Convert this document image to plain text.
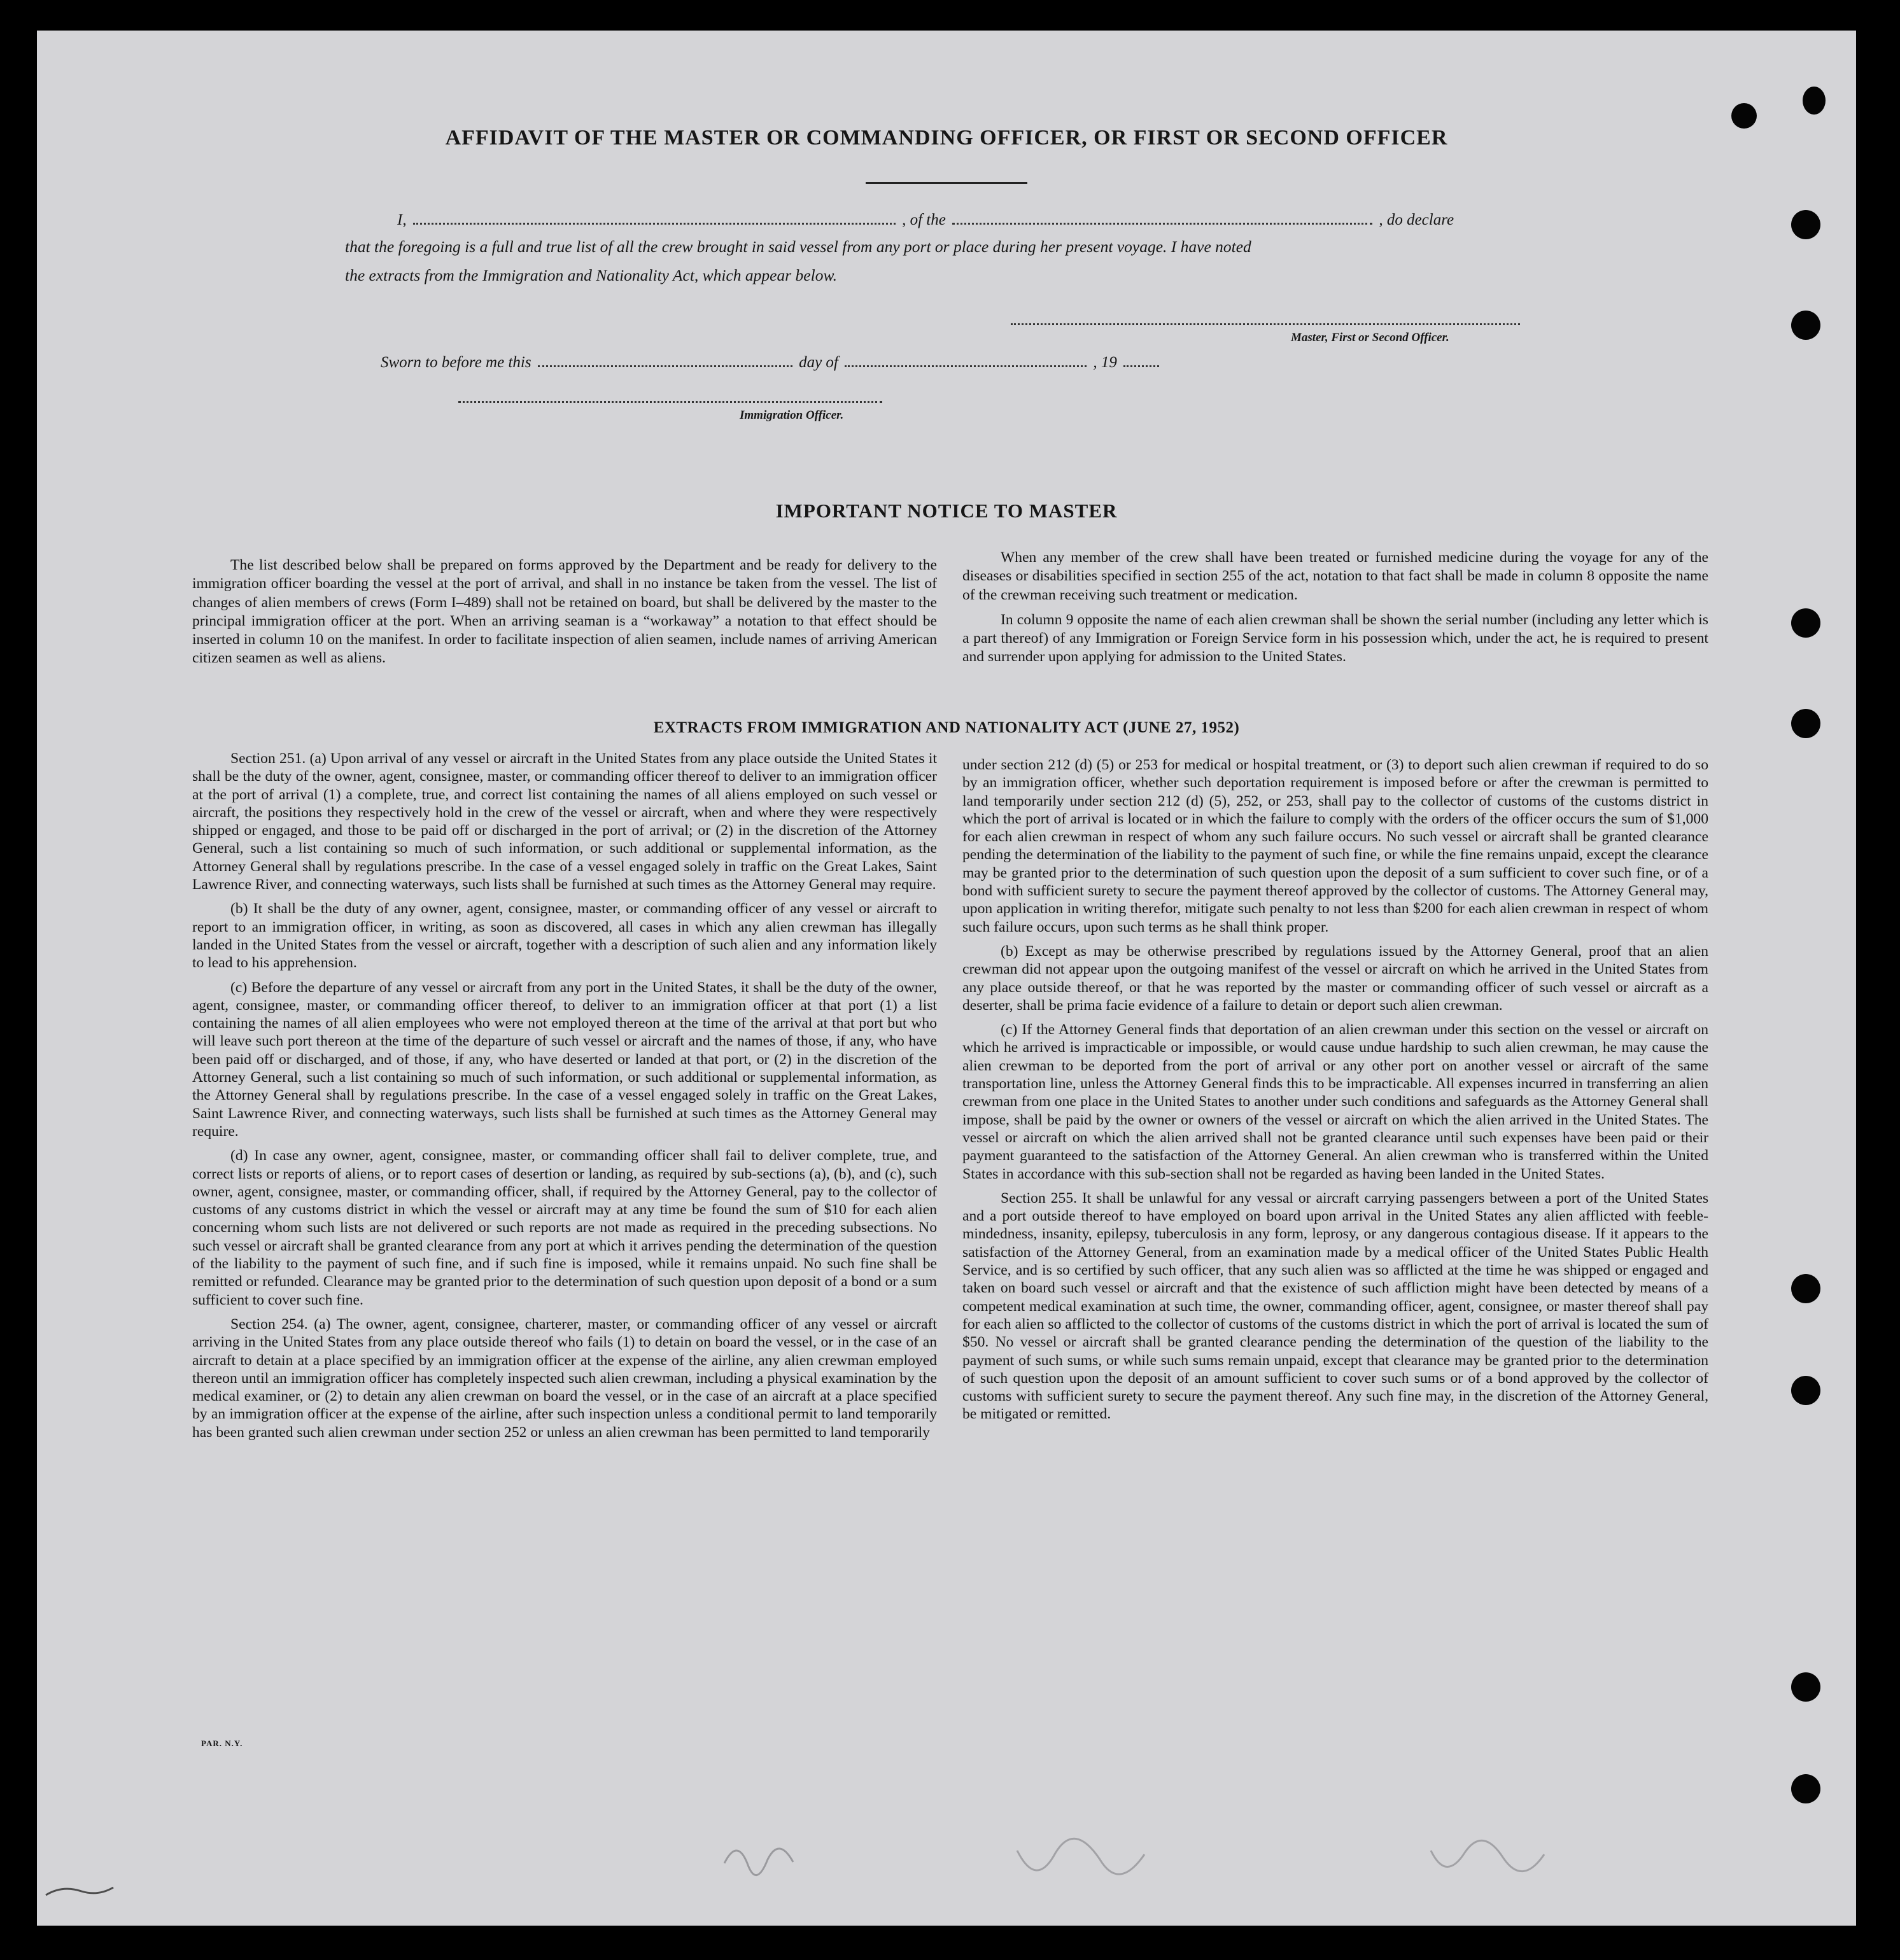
AFFIDAVIT OF THE MASTER OR COMMANDING OFFICER, OR FIRST OR SECOND OFFICER
I,	, of the	, do declare
that the foregoing is a full and true list of all the crew brought in said vessel from any port or place during her present voyage. I have noted
the extracts from the Immigration and Nationality Act, which appear below.
Master, First or Second Officer.
Sworn to before me this	day of	, 19
Immigration Officer.
IMPORTANT NOTICE TO MASTER

The list described below shall be prepared on forms approved by the Department and be ready for delivery to the immigration officer boarding the vessel at the port of arrival, and shall in no instance be taken from the vessel. The list of changes of alien members of crews (Form I–489) shall not be retained on board, but shall be delivered by the master to the principal immigration officer at the port. When an arriving seaman is a “workaway” a notation to that effect should be inserted in column 10 on the manifest. In order to facilitate inspection of alien seamen, include names of arriving American citizen seamen as well as aliens.

When any member of the crew shall have been treated or furnished medicine during the voyage for any of the diseases or disabilities specified in section 255 of the act, notation to that fact shall be made in column 8 opposite the name of the crewman receiving such treatment or medication.

In column 9 opposite the name of each alien crewman shall be shown the serial number (including any letter which is a part thereof) of any Immigration or Foreign Service form in his possession which, under the act, he is required to present and surrender upon applying for admission to the United States.

EXTRACTS FROM IMMIGRATION AND NATIONALITY ACT (JUNE 27, 1952)

Section 251. (a) Upon arrival of any vessel or aircraft in the United States from any place outside the United States it shall be the duty of the owner, agent, consignee, master, or commanding officer thereof to deliver to an immigration officer at the port of arrival (1) a complete, true, and correct list containing the names of all aliens employed on such vessel or aircraft, the positions they respectively hold in the crew of the vessel or aircraft, when and where they were respectively shipped or engaged, and those to be paid off or discharged in the port of arrival; or (2) in the discretion of the Attorney General, such a list containing so much of such information, or such additional or supplemental information, as the Attorney General shall by regulations prescribe. In the case of a vessel engaged solely in traffic on the Great Lakes, Saint Lawrence River, and connecting waterways, such lists shall be furnished at such times as the Attorney General may require.

(b) It shall be the duty of any owner, agent, consignee, master, or commanding officer of any vessel or aircraft to report to an immigration officer, in writing, as soon as discovered, all cases in which any alien crewman has illegally landed in the United States from the vessel or aircraft, together with a description of such alien and any information likely to lead to his apprehension.

(c) Before the departure of any vessel or aircraft from any port in the United States, it shall be the duty of the owner, agent, consignee, master, or commanding officer thereof, to deliver to an immigration officer at that port (1) a list containing the names of all alien employees who were not employed thereon at the time of the arrival at that port but who will leave such port thereon at the time of the departure of such vessel or aircraft and the names of those, if any, who have been paid off or discharged, and of those, if any, who have deserted or landed at that port, or (2) in the discretion of the Attorney General, such a list containing so much of such information, or such additional or supplemental information, as the Attorney General shall by regulations prescribe. In the case of a vessel engaged solely in traffic on the Great Lakes, Saint Lawrence River, and connecting waterways, such lists shall be furnished at such times as the Attorney General may require.

(d) In case any owner, agent, consignee, master, or commanding officer shall fail to deliver complete, true, and correct lists or reports of aliens, or to report cases of desertion or landing, as required by sub-sections (a), (b), and (c), such owner, agent, consignee, master, or commanding officer, shall, if required by the Attorney General, pay to the collector of customs of any customs district in which the vessel or aircraft may at any time be found the sum of $10 for each alien concerning whom such lists are not delivered or such reports are not made as required in the preceding subsections. No such vessel or aircraft shall be granted clearance from any port at which it arrives pending the determination of the question of the liability to the payment of such fine, and if such fine is imposed, while it remains unpaid. No such fine shall be remitted or refunded. Clearance may be granted prior to the determination of such question upon deposit of a bond or a sum sufficient to cover such fine.

Section 254. (a) The owner, agent, consignee, charterer, master, or commanding officer of any vessel or aircraft arriving in the United States from any place outside thereof who fails (1) to detain on board the vessel, or in the case of an aircraft to detain at a place specified by an immigration officer at the expense of the airline, any alien crewman employed thereon until an immigration officer has completely inspected such alien crewman, including a physical examination by the medical examiner, or (2) to detain any alien crewman on board the vessel, or in the case of an aircraft at a place specified by an immigration officer at the expense of the airline, after such inspection unless a conditional permit to land temporarily has been granted such alien crewman under section 252 or unless an alien crewman has been permitted to land temporarily

under section 212 (d) (5) or 253 for medical or hospital treatment, or (3) to deport such alien crewman if required to do so by an immigration officer, whether such deportation requirement is imposed before or after the crewman is permitted to land temporarily under section 212 (d) (5), 252, or 253, shall pay to the collector of customs of the customs district in which the port of arrival is located or in which the failure to comply with the orders of the officer occurs the sum of $1,000 for each alien crewman in respect of whom any such failure occurs. No such vessel or aircraft shall be granted clearance pending the determination of the liability to the payment of such fine, or while the fine remains unpaid, except the clearance may be granted prior to the determination of such question upon the deposit of a sum sufficient to cover such fine, or of a bond with sufficient surety to secure the payment thereof approved by the collector of customs. The Attorney General may, upon application in writing therefor, mitigate such penalty to not less than $200 for each alien crewman in respect of whom such failure occurs, upon such terms as he shall think proper.

(b) Except as may be otherwise prescribed by regulations issued by the Attorney General, proof that an alien crewman did not appear upon the outgoing manifest of the vessel or aircraft on which he arrived in the United States from any place outside thereof, or that he was reported by the master or commanding officer of such vessel or aircraft as a deserter, shall be prima facie evidence of a failure to detain or deport such alien crewman.

(c) If the Attorney General finds that deportation of an alien crewman under this section on the vessel or aircraft on which he arrived is impracticable or impossible, or would cause undue hardship to such alien crewman, he may cause the alien crewman to be deported from the port of arrival or any other port on another vessel or aircraft of the same transportation line, unless the Attorney General finds this to be impracticable. All expenses incurred in transferring an alien crewman from one place in the United States to another under such conditions and safeguards as the Attorney General shall impose, shall be paid by the owner or owners of the vessel or aircraft on which the alien arrived in the United States. The vessel or aircraft on which the alien arrived shall not be granted clearance until such expenses have been paid or their payment guaranteed to the satisfaction of the Attorney General. An alien crewman who is transferred within the United States in accordance with this sub-section shall not be regarded as having been landed in the United States.

Section 255. It shall be unlawful for any vessal or aircraft carrying passengers between a port of the United States and a port outside thereof to have employed on board upon arrival in the United States any alien afflicted with feeble-mindedness, insanity, epilepsy, tuberculosis in any form, leprosy, or any dangerous contagious disease. If it appears to the satisfaction of the Attorney General, from an examination made by a medical officer of the United States Public Health Service, and is so certified by such officer, that any such alien was so afflicted at the time he was shipped or engaged and taken on board such vessel or aircraft and that the existence of such affliction might have been detected by means of a competent medical examination at such time, the owner, commanding officer, agent, consignee, or master thereof shall pay for each alien so afflicted to the collector of customs of the customs district in which the port of arrival is located the sum of $50. No vessel or aircraft shall be granted clearance pending the determination of the question of the liability to the payment of such sums, or while such sums remain unpaid, except that clearance may be granted prior to the determination of such question upon the deposit of an amount sufficient to cover such sums or of a bond approved by the collector of customs with sufficient surety to secure the payment thereof. Any such fine may, in the discretion of the Attorney General, be mitigated or remitted.

PAR. N.Y.
